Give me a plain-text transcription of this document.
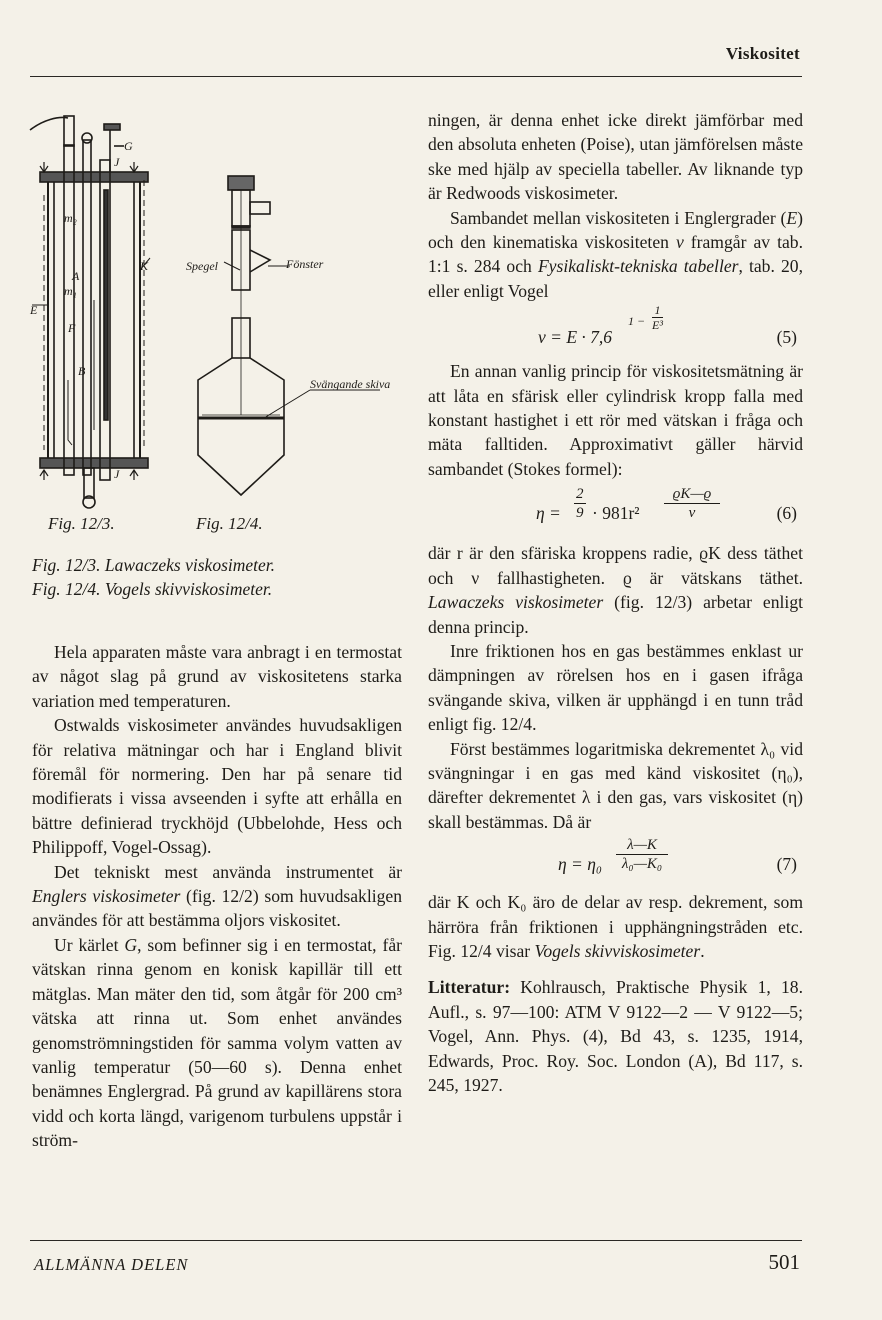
Viskositet
G
J
K
E
m₂
A
m₁
F
B
J
Spegel	Fönster
Svängande skiva
Fig. 12/3.	Fig. 12/4.
Fig. 12/3. Lawaczeks viskosimeter.
Fig. 12/4. Vogels skivviskosimeter.

Hela apparaten måste vara anbragt i en termostat av något slag på grund av viskositetens starka variation med temperaturen.

Ostwalds viskosimeter användes huvudsakligen för relativa mätningar och har i England blivit föremål för normering. Den har på senare tid modifierats i vissa avseenden i syfte att erhålla en bättre definierad tryckhöjd (Ubbelohde, Hess och Philippoff, Vogel-Ossag).

Det tekniskt mest använda instrumentet är Englers viskosimeter (fig. 12/2) som huvudsakligen användes för att bestämma oljors viskositet.

Ur kärlet G, som befinner sig i en termostat, får vätskan rinna genom en konisk kapillär till ett mätglas. Man mäter den tid, som åtgår för 200 cm³ vätska att rinna ut. Som enhet användes genomströmningstiden för samma volym vatten av vanlig temperatur (50—60 s). Denna enhet benämnes Englergrad. På grund av kapillärens stora vidd och korta längd, varigenom turbulens uppstår i ström-

ningen, är denna enhet icke direkt jämförbar med den absoluta enheten (Poise), utan jämförelsen måste ske med hjälp av speciella tabeller. Av liknande typ är Redwoods viskosimeter.

Sambandet mellan viskositeten i Englergrader (E) och den kinematiska viskositeten ν framgår av tab. 1:1 s. 284 och Fysikaliskt-tekniska tabeller, tab. 20, eller enligt Vogel

ν = E · 7,6
$1 - \frac{1}{\text{E³}}$
(5)

En annan vanlig princip för viskositetsmätning är att låta en sfärisk eller cylindrisk kropp falla med konstant hastighet i ett rör med vätskan i fråga och mäta falltiden. Approximativt gäller härvid sambandet (Stokes formel):

$\eta = \frac{2}{9} \cdot 981r^2 \frac{ϱK—ϱ}{\nu}$	(6)

där r är den sfäriska kroppens radie, ϱK dess täthet och ν fallhastigheten. ϱ är vätskans täthet. Lawaczeks viskosimeter (fig. 12/3) arbetar enligt denna princip.

Inre friktionen hos en gas bestämmes enklast ur dämpningen av rörelsen hos en i gasen ifråga svängande skiva, vilken är upphängd i en tunn tråd enligt fig. 12/4.

Först bestämmes logaritmiska dekrementet λ₀ vid svängningar i en gas med känd viskositet (η₀), därefter dekrementet λ i den gas, vars viskositet (η) skall bestämmas. Då är

$\eta = \eta_0 \frac{\lambda—K}{\text{λ₀—K₀}}$	(7)

där K och K₀ äro de delar av resp. dekrement, som härröra från friktionen i upphängningstråden etc. Fig. 12/4 visar Vogels skivviskosimeter.

Litteratur: Kohlrausch, Praktische Physik 1, 18. Aufl., s. 97—100: ATM V 9122—2 — V 9122—5; Vogel, Ann. Phys. (4), Bd 43, s. 1235, 1914, Edwards, Proc. Roy. Soc. London (A), Bd 117, s. 245, 1927.

ALLMÄNNA DELEN	501
